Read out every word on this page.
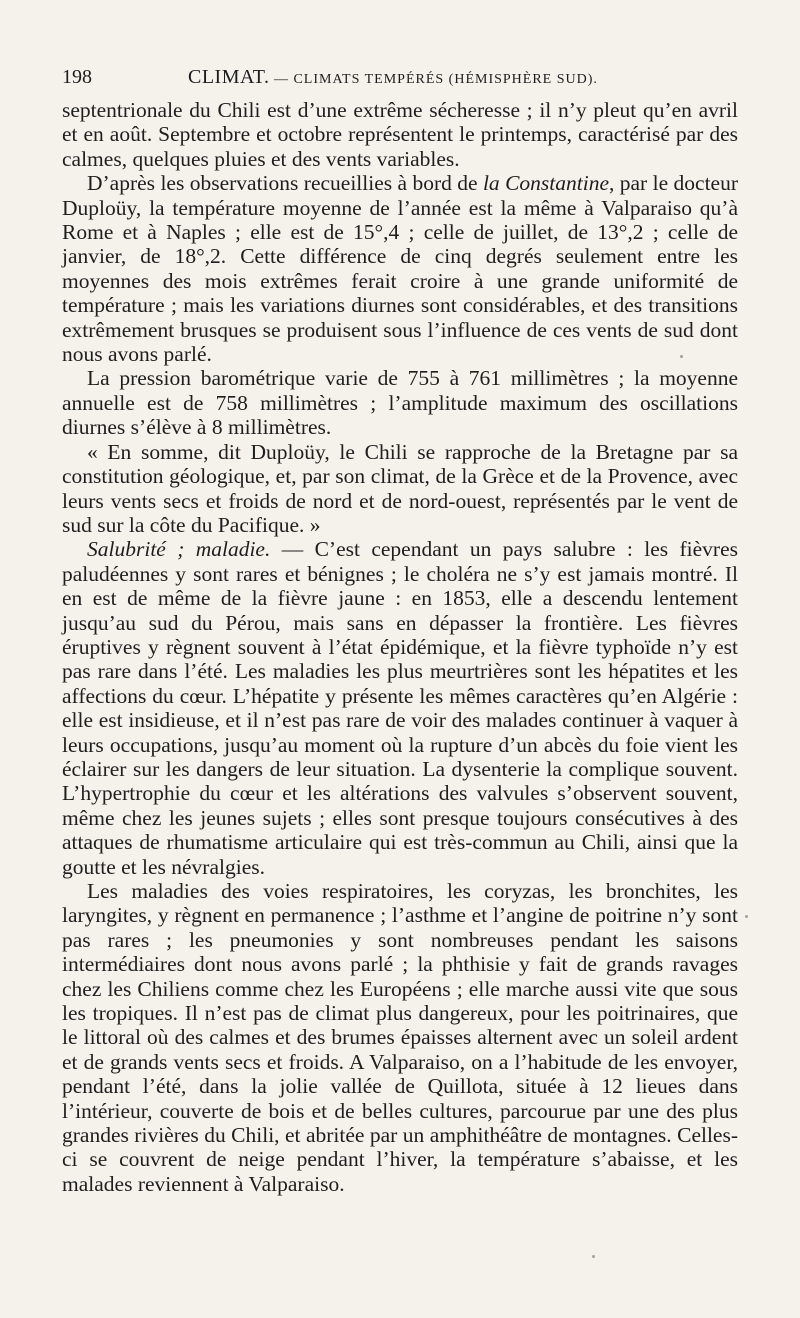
198	CLIMAT. — CLIMATS TEMPÉRÉS (HÉMISPHÈRE SUD).

septentrionale du Chili est d’une extrême sécheresse ; il n’y pleut qu’en avril et en août. Septembre et octobre représentent le printemps, caractérisé par des calmes, quelques pluies et des vents variables.

D’après les observations recueillies à bord de la Constantine, par le docteur Duploüy, la température moyenne de l’année est la même à Valparaiso qu’à Rome et à Naples ; elle est de 15°,4 ; celle de juillet, de 13°,2 ; celle de janvier, de 18°,2. Cette différence de cinq degrés seulement entre les moyennes des mois extrêmes ferait croire à une grande uniformité de température ; mais les variations diurnes sont considérables, et des transitions extrêmement brusques se produisent sous l’influence de ces vents de sud dont nous avons parlé.

La pression barométrique varie de 755 à 761 millimètres ; la moyenne annuelle est de 758 millimètres ; l’amplitude maximum des oscillations diurnes s’élève à 8 millimètres.

« En somme, dit Duploüy, le Chili se rapproche de la Bretagne par sa constitution géologique, et, par son climat, de la Grèce et de la Provence, avec leurs vents secs et froids de nord et de nord-ouest, représentés par le vent de sud sur la côte du Pacifique. »

Salubrité ; maladie. — C’est cependant un pays salubre : les fièvres paludéennes y sont rares et bénignes ; le choléra ne s’y est jamais montré. Il en est de même de la fièvre jaune : en 1853, elle a descendu lentement jusqu’au sud du Pérou, mais sans en dépasser la frontière. Les fièvres éruptives y règnent souvent à l’état épidémique, et la fièvre typhoïde n’y est pas rare dans l’été. Les maladies les plus meurtrières sont les hépatites et les affections du cœur. L’hépatite y présente les mêmes caractères qu’en Algérie : elle est insidieuse, et il n’est pas rare de voir des malades continuer à vaquer à leurs occupations, jusqu’au moment où la rupture d’un abcès du foie vient les éclairer sur les dangers de leur situation. La dysenterie la complique souvent. L’hypertrophie du cœur et les altérations des valvules s’observent souvent, même chez les jeunes sujets ; elles sont presque toujours consécutives à des attaques de rhumatisme articulaire qui est très-commun au Chili, ainsi que la goutte et les névralgies.

Les maladies des voies respiratoires, les coryzas, les bronchites, les laryngites, y règnent en permanence ; l’asthme et l’angine de poitrine n’y sont pas rares ; les pneumonies y sont nombreuses pendant les saisons intermédiaires dont nous avons parlé ; la phthisie y fait de grands ravages chez les Chiliens comme chez les Européens ; elle marche aussi vite que sous les tropiques. Il n’est pas de climat plus dangereux, pour les poitrinaires, que le littoral où des calmes et des brumes épaisses alternent avec un soleil ardent et de grands vents secs et froids. A Valparaiso, on a l’habitude de les envoyer, pendant l’été, dans la jolie vallée de Quillota, située à 12 lieues dans l’intérieur, couverte de bois et de belles cultures, parcourue par une des plus grandes rivières du Chili, et abritée par un amphithéâtre de montagnes. Celles-ci se couvrent de neige pendant l’hiver, la température s’abaisse, et les malades reviennent à Valparaiso.
